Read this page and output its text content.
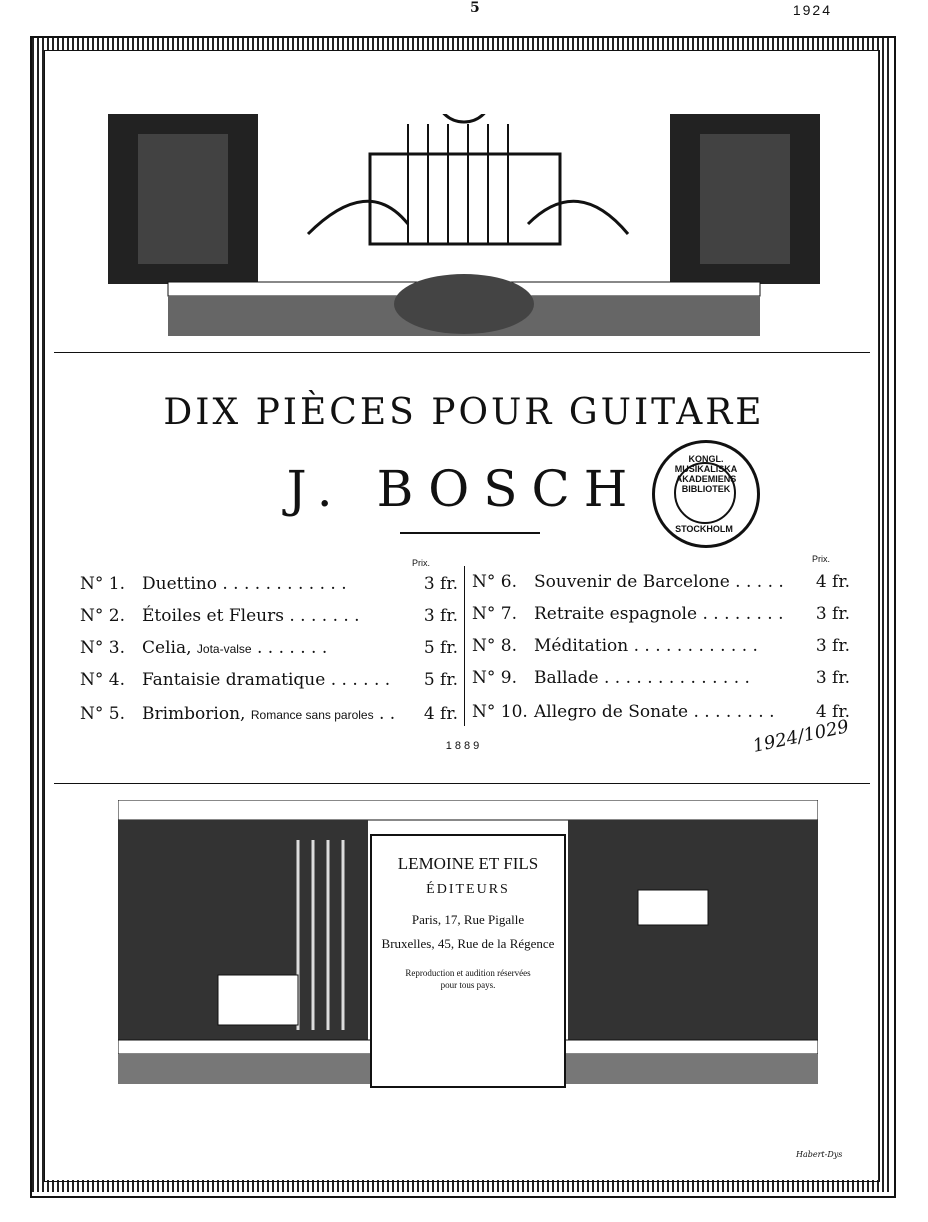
5	1924
DIX PIÈCES POUR GUITARE
J. BOSCH
KONGL. MUSIKALISKA AKADEMIENS BIBLIOTEK
STOCKHOLM
Prix.	Prix.
N° 1. Duettino . . . . . . . . . . . .	3 fr.
N° 2. Étoiles et Fleurs . . . . . . .	3 fr.
N° 3. Celia, Jota-valse . . . . . . .	5 fr.
N° 4. Fantaisie dramatique . . . . . . 5 fr.
N° 5. Brimborion, Romance sans paroles . . 4 fr.
N° 6. Souvenir de Barcelone . . . . . 4 fr.
N° 7. Retraite espagnole . . . . . . . . 3 fr.
N° 8. Méditation . . . . . . . . . . . .	3 fr.
N° 9. Ballade . . . . . . . . . . . . . .	3 fr.
N° 10. Allegro de Sonate . . . . . . . . 4 fr.
1889	1924/1029
LEMOINE ET FILS
ÉDITEURS
Paris, 17, Rue Pigalle
Bruxelles, 45, Rue de la Régence
Reproduction et audition réservées
pour tous pays.
Habert-Dys
